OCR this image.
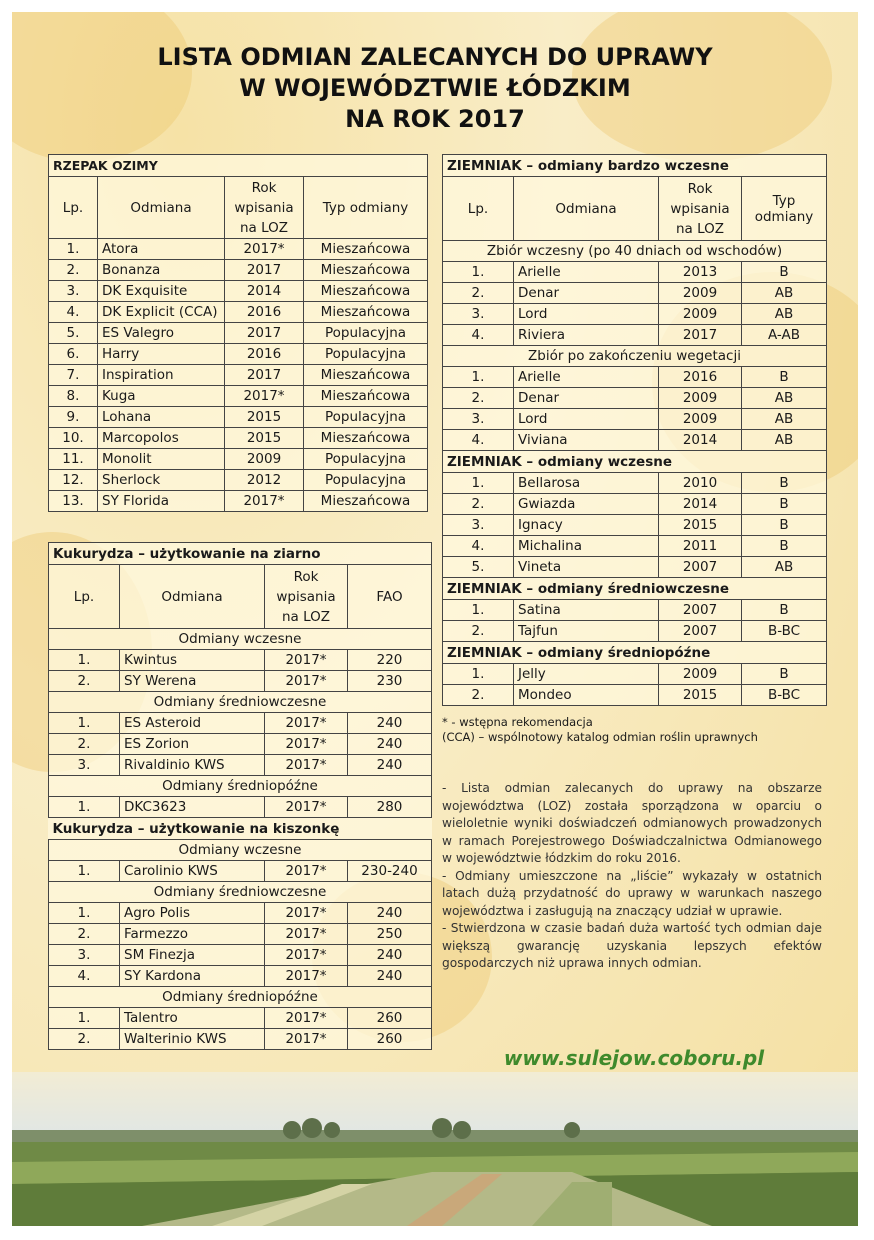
LISTA ODMIAN ZALECANYCH DO UPRAWY
W WOJEWÓDZTWIE ŁÓDZKIM
NA ROK 2017
RZEPAK OZIMY			
Lp.	Odmiana	Rok wpisania na LOZ	Typ odmiany
1.	Atora	2017*	Mieszańcowa
2.	Bonanza	2017	Mieszańcowa
3.	DK Exquisite	2014	Mieszańcowa
4.	DK Explicit (CCA)	2016	Mieszańcowa
5.	ES Valegro	2017	Populacyjna
6.	Harry	2016	Populacyjna
7.	Inspiration	2017	Mieszańcowa
8.	Kuga	2017*	Mieszańcowa
9.	Lohana	2015	Populacyjna
10.	Marcopolos	2015	Mieszańcowa
11.	Monolit	2009	Populacyjna
12.	Sherlock	2012	Populacyjna
13.	SY Florida	2017*	Mieszańcowa
Kukurydza – użytkowanie na ziarno			
Lp.	Odmiana	Rok wpisania na LOZ	FAO
Odmiany wczesne			
1.	Kwintus	2017*	220
2.	SY Werena	2017*	230
Odmiany średniowczesne			
1.	ES Asteroid	2017*	240
2.	ES Zorion	2017*	240
3.	Rivaldinio KWS	2017*	240
Odmiany średniopóźne			
1.	DKC3623	2017*	280
Kukurydza – użytkowanie na kiszonkę			
Odmiany wczesne			
1.	Carolinio KWS	2017*	230-240
Odmiany średniowczesne			
1.	Agro Polis	2017*	240
2.	Farmezzo	2017*	250
3.	SM Finezja	2017*	240
4.	SY Kardona	2017*	240
Odmiany średniopóźne			
1.	Talentro	2017*	260
2.	Walterinio KWS	2017*	260
ZIEMNIAK – odmiany bardzo wczesne			
Lp.	Odmiana	Rok wpisania na LOZ	Typ odmiany
Zbiór wczesny (po 40 dniach od wschodów)			
1.	Arielle	2013	B
2.	Denar	2009	AB
3.	Lord	2009	AB
4.	Riviera	2017	A-AB
Zbiór po zakończeniu wegetacji			
1.	Arielle	2016	B
2.	Denar	2009	AB
3.	Lord	2009	AB
4.	Viviana	2014	AB
ZIEMNIAK – odmiany wczesne			
1.	Bellarosa	2010	B
2.	Gwiazda	2014	B
3.	Ignacy	2015	B
4.	Michalina	2011	B
5.	Vineta	2007	AB
ZIEMNIAK – odmiany średniowczesne			
1.	Satina	2007	B
2.	Tajfun	2007	B-BC
ZIEMNIAK – odmiany średniopóźne			
1.	Jelly	2009	B
2.	Mondeo	2015	B-BC
* - wstępna rekomendacja
(CCA) – wspólnotowy katalog odmian roślin uprawnych

- Lista odmian zalecanych do uprawy na obszarze województwa (LOZ) została sporządzona w oparciu o wieloletnie wyniki doświadczeń odmianowych prowadzonych w ramach Porejestrowego Doświadczalnictwa Odmianowego w województwie łódzkim do roku 2016.

- Odmiany umieszczone na „liście” wykazały w ostatnich latach dużą przydatność do uprawy w warunkach naszego województwa i zasługują na znaczący udział w uprawie.

- Stwierdzona w czasie badań duża wartość tych odmian daje większą gwarancję uzyskania lepszych efektów gospodarczych niż uprawa innych odmian.

www.sulejow.coboru.pl
